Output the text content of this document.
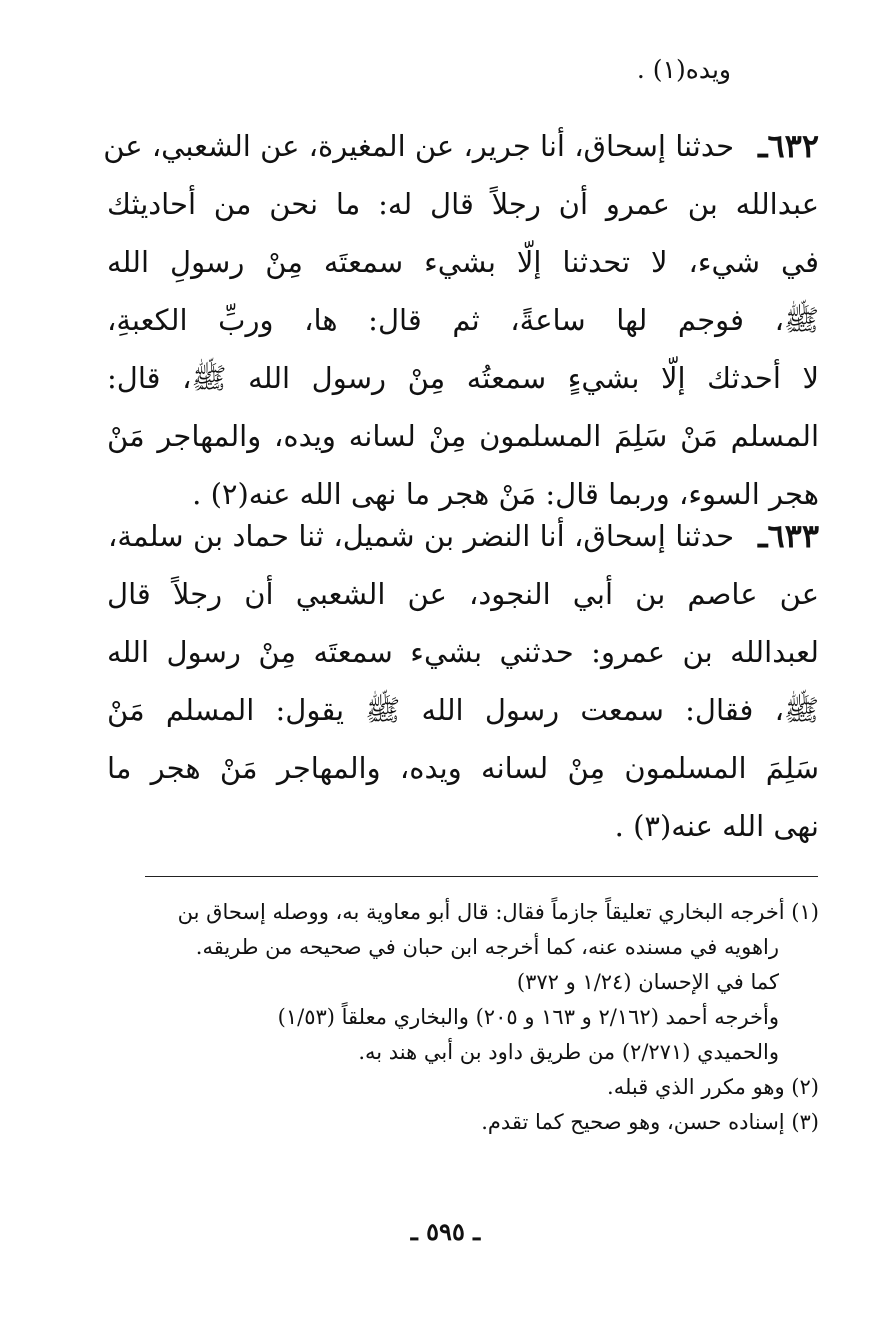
ويده(١) .
٦٣٢ـ
حدثنا إسحاق، أنا جرير، عن المغيرة، عن الشعبي، عن
عبدالله بن عمرو أن رجلاً قال له: ما نحن من أحاديثك
في شيء، لا تحدثنا إلّا بشيء سمعتَه مِنْ رسولِ الله
ﷺ، فوجم لها ساعةً، ثم قال: ها، وربِّ الكعبةِ،
لا أحدثك إلّا بشيءٍ سمعتُه مِنْ رسول الله ﷺ، قال:
المسلم مَنْ سَلِمَ المسلمون مِنْ لسانه ويده، والمهاجر مَنْ
هجر السوء، وربما قال: مَنْ هجر ما نهى الله عنه(٢) .
٦٣٣ـ
حدثنا إسحاق، أنا النضر بن شميل، ثنا حماد بن سلمة،
عن عاصم بن أبي النجود، عن الشعبي أن رجلاً قال
لعبدالله بن عمرو: حدثني بشيء سمعتَه مِنْ رسول الله
ﷺ، فقال: سمعت رسول الله ﷺ يقول: المسلم مَنْ
سَلِمَ المسلمون مِنْ لسانه ويده، والمهاجر مَنْ هجر ما
نهى الله عنه(٣) .
(١) أخرجه البخاري تعليقاً جازماً فقال: قال أبو معاوية به، ووصله إسحاق بن
راهويه في مسنده عنه، كما أخرجه ابن حبان في صحيحه من طريقه.
كما في الإحسان (١/٢٤ و ٣٧٢)
وأخرجه أحمد (٢/١٦٢ و ١٦٣ و ٢٠٥) والبخاري معلقاً (١/٥٣)
والحميدي (٢/٢٧١) من طريق داود بن أبي هند به.
(٢) وهو مكرر الذي قبله.
(٣) إسناده حسن، وهو صحيح كما تقدم.
ـ ٥٩٥ ـ
